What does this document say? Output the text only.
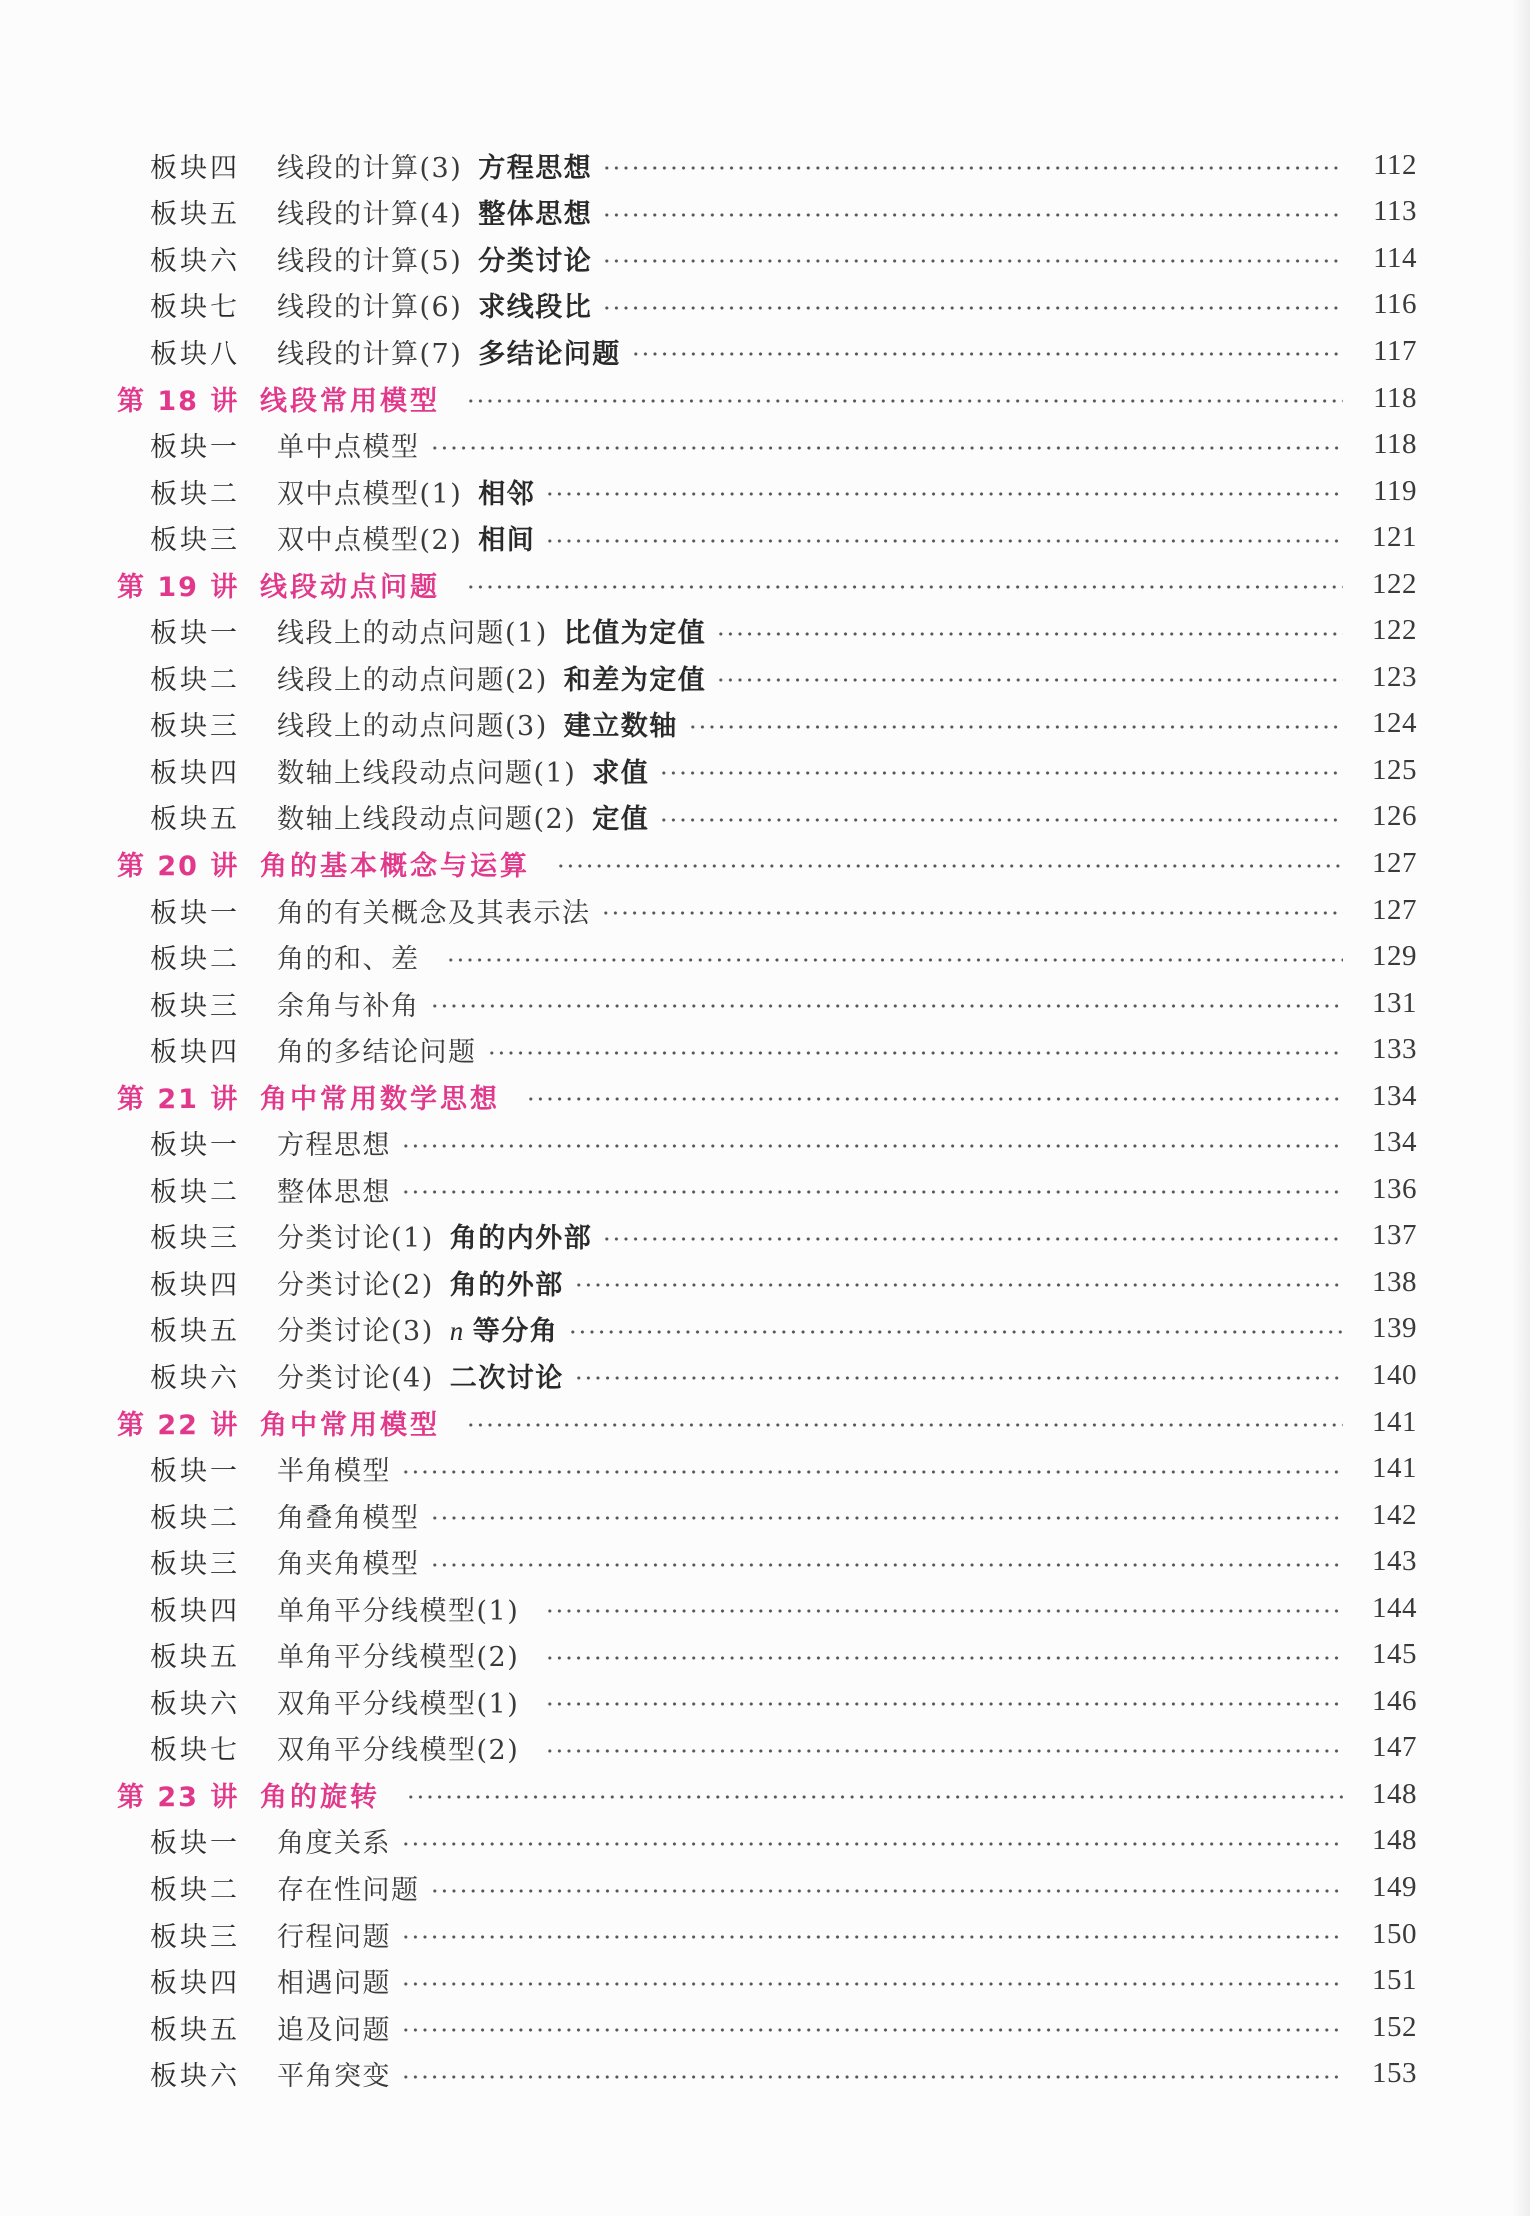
板块四	线段的计算(3) 方程思想	112
板块五	线段的计算(4) 整体思想	113
板块六	线段的计算(5) 分类讨论	114
板块七	线段的计算(6) 求线段比	116
板块八	线段的计算(7) 多结论问题	117
第 18 讲 线段常用模型	118
板块一	单中点模型	118
板块二	双中点模型(1) 相邻	119
板块三	双中点模型(2) 相间	121
第 19 讲 线段动点问题	122
板块一	线段上的动点问题(1) 比值为定值	122
板块二	线段上的动点问题(2) 和差为定值	123
板块三	线段上的动点问题(3) 建立数轴	124
板块四	数轴上线段动点问题(1) 求值	125
板块五	数轴上线段动点问题(2) 定值	126
第 20 讲 角的基本概念与运算	127
板块一	角的有关概念及其表示法	127
板块二	角的和、差	129
板块三	余角与补角	131
板块四	角的多结论问题	133
第 21 讲 角中常用数学思想	134
板块一	方程思想	134
板块二	整体思想	136
板块三	分类讨论(1) 角的内外部	137
板块四	分类讨论(2) 角的外部	138
板块五	分类讨论(3) n 等分角	139
板块六	分类讨论(4) 二次讨论	140
第 22 讲 角中常用模型	141
板块一	半角模型	141
板块二	角叠角模型	142
板块三	角夹角模型	143
板块四	单角平分线模型(1)	144
板块五	单角平分线模型(2)	145
板块六	双角平分线模型(1)	146
板块七	双角平分线模型(2)	147
第 23 讲 角的旋转	148
板块一	角度关系	148
板块二	存在性问题	149
板块三	行程问题	150
板块四	相遇问题	151
板块五	追及问题	152
板块六	平角突变	153
